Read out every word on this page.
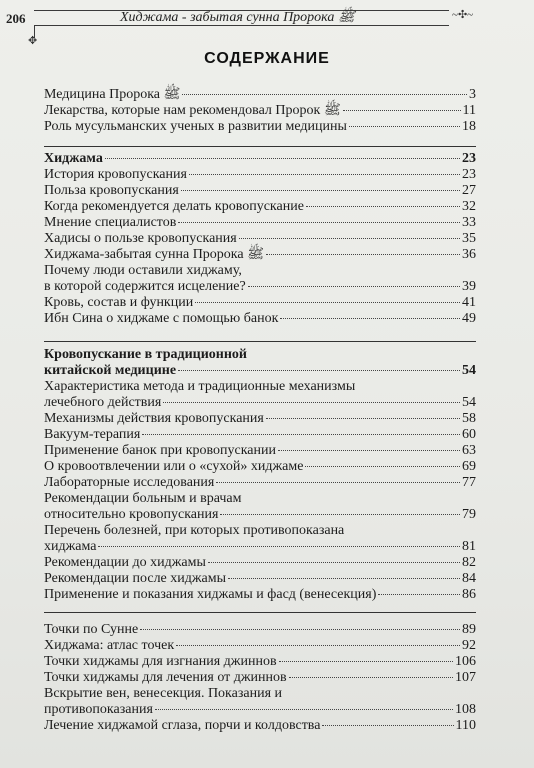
206	Хиджама - забытая сунна Пророка ﷺ	~✣~
✥
СОДЕРЖАНИЕ
Медицина Пророка ﷺ	3
Лекарства, которые нам рекомендовал Пророк ﷺ	11
Роль мусульманских ученых в развитии медицины	18
Хиджама	23
История кровопускания	23
Польза кровопускания	27
Когда рекомендуется делать кровопускание	32
Мнение специалистов	33
Хадисы о пользе кровопускания	35
Хиджама-забытая сунна Пророка ﷺ	36
Почему люди оставили хиджаму,
в которой содержится исцеление?	39
Кровь, состав и функции	41
Ибн Сина о хиджаме с помощью банок	49
Кровопускание в традиционной
китайской медицине	54
Характеристика метода и традиционные механизмы
лечебного действия	54
Механизмы действия кровопускания	58
Вакуум-терапия	60
Применение банок при кровопускании	63
О кровоотвлечении или о «сухой» хиджаме	69
Лабораторные исследования	77
Рекомендации больным и врачам
относительно кровопускания	79
Перечень болезней, при которых противопоказана
хиджама	81
Рекомендации до хиджамы	82
Рекомендации после хиджамы	84
Применение и показания хиджамы и фасд (венесекция)	86
Точки по Сунне	89
Хиджама: атлас точек	92
Точки хиджамы для изгнания джиннов	106
Точки хиджамы для лечения от джиннов	107
Вскрытие вен, венесекция. Показания и
противопоказания	108
Лечение хиджамой сглаза, порчи и колдовства	110
